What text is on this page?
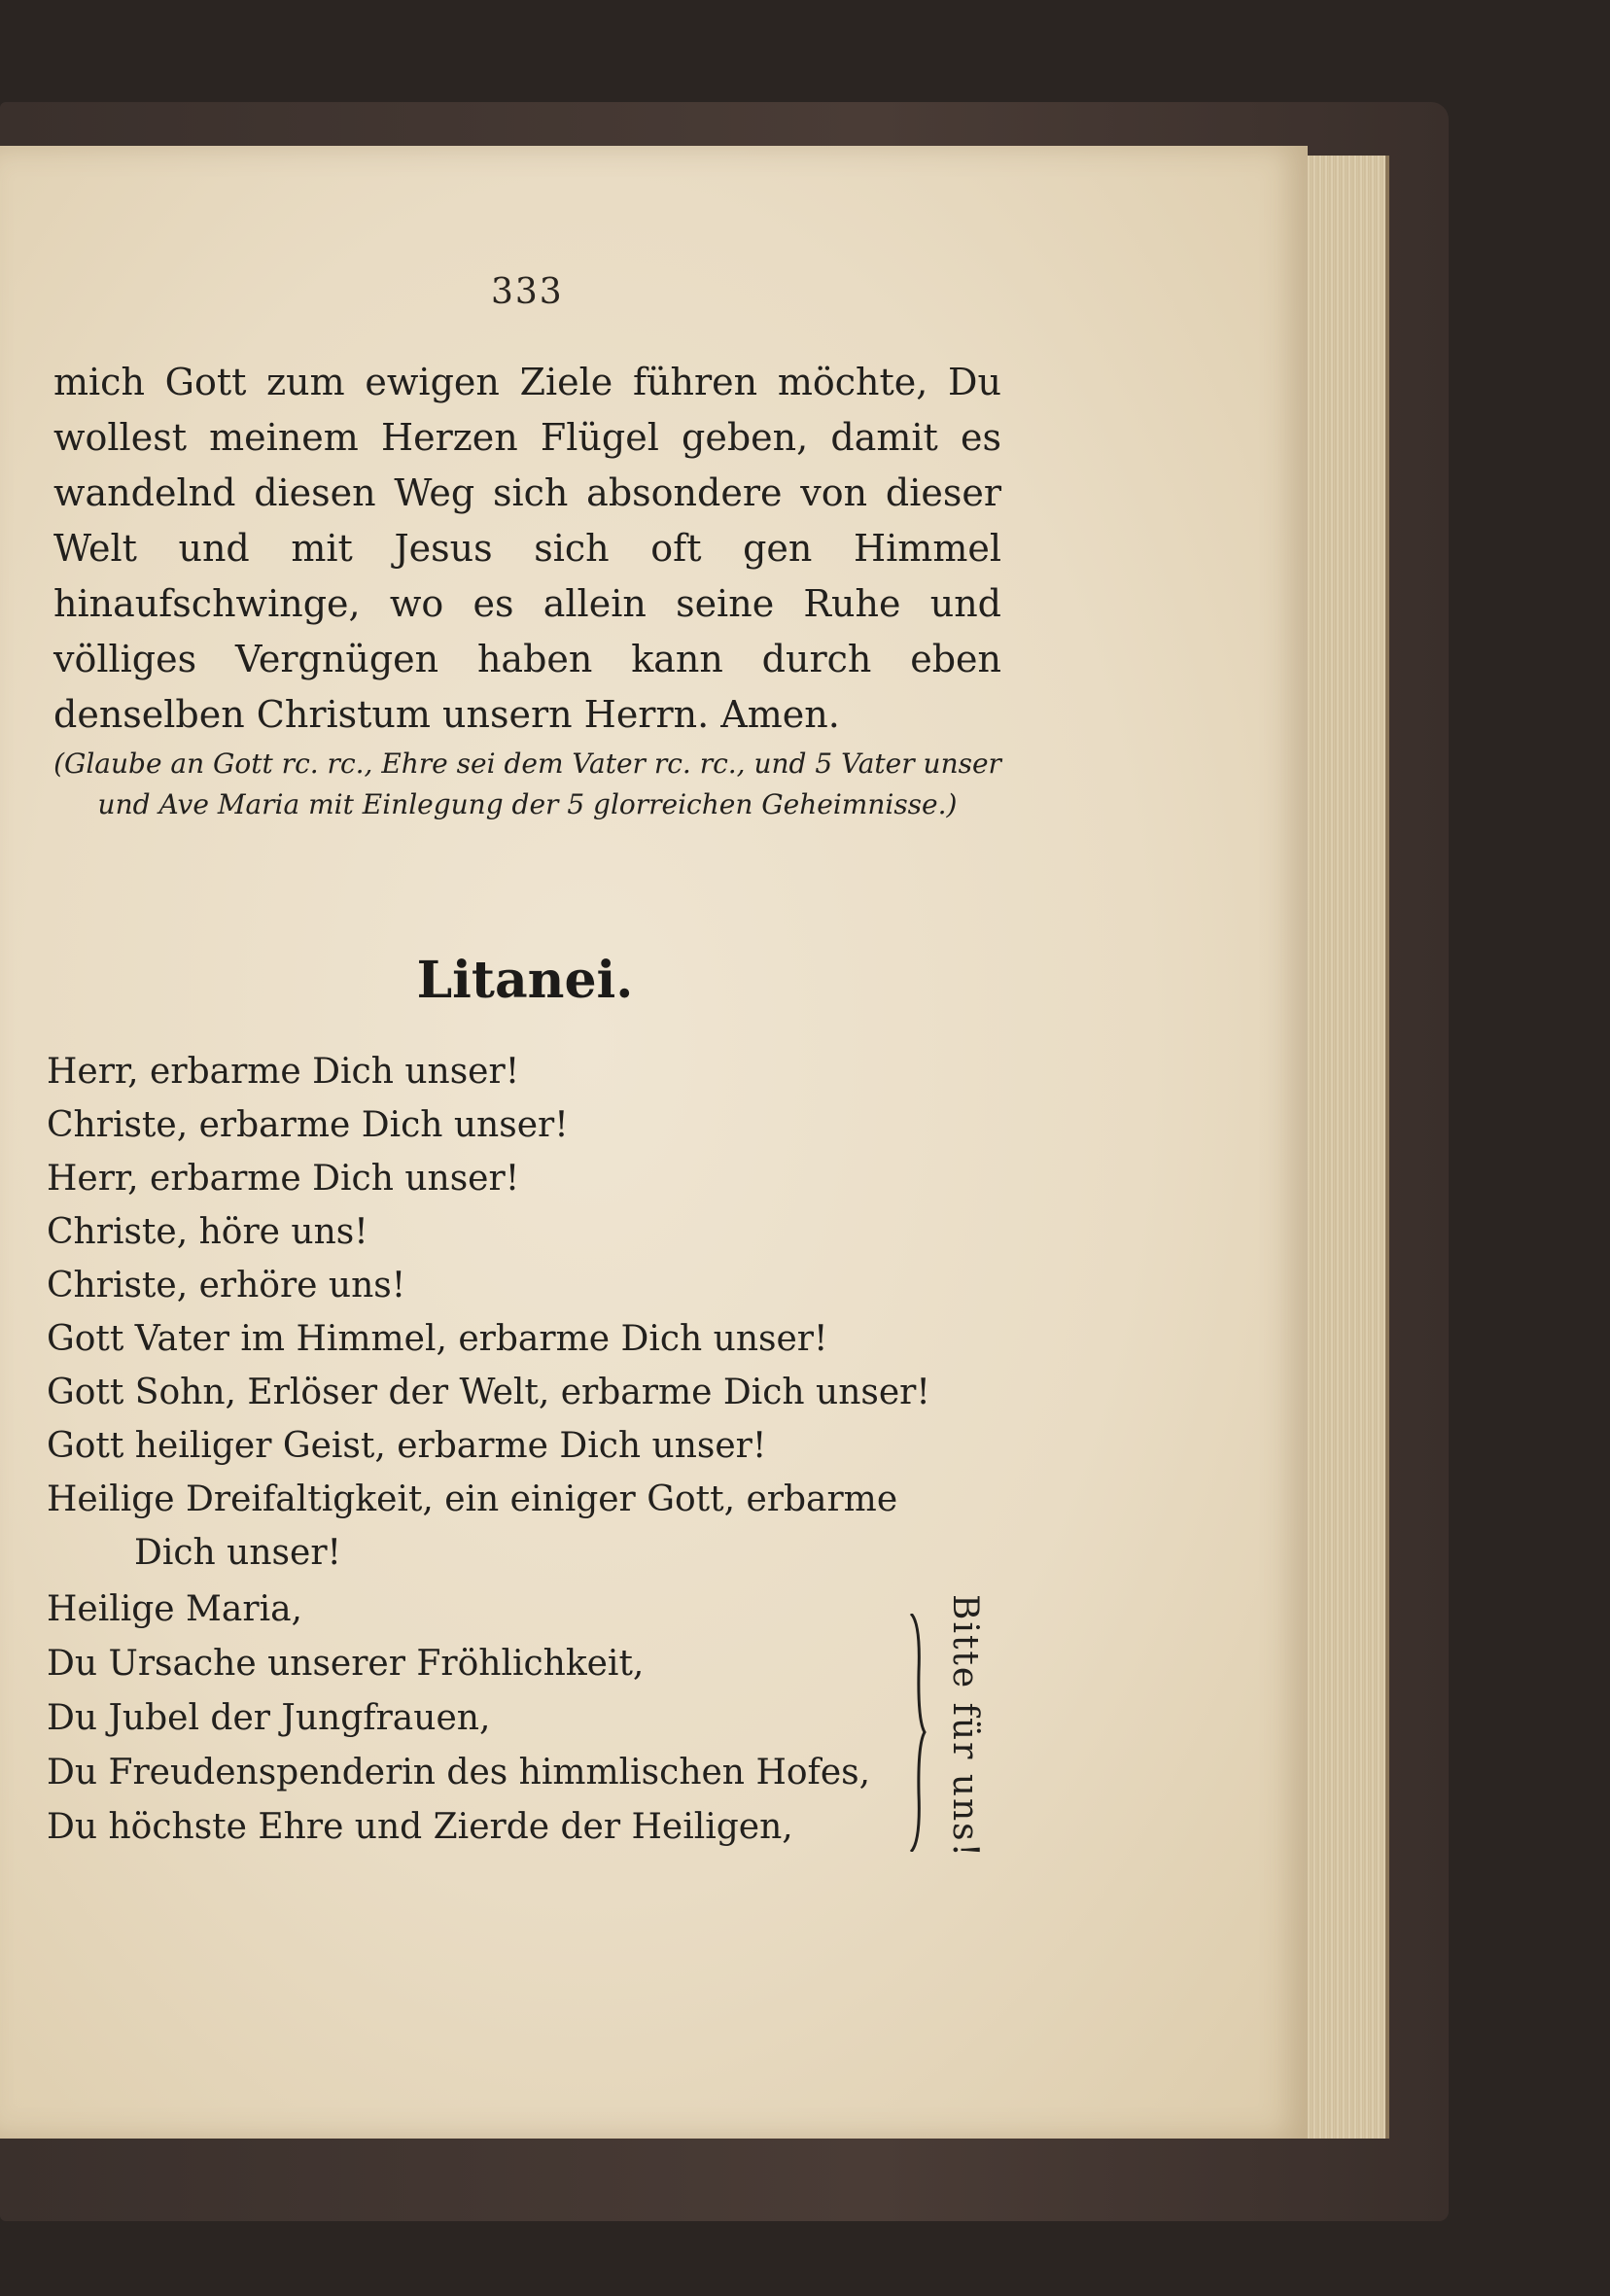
333

mich Gott zum ewigen Ziele führen möchte, Du wollest meinem Herzen Flügel geben, damit es wandelnd diesen Weg sich absondere von dieser Welt und mit Jesus sich oft gen Himmel hinaufschwinge, wo es allein seine Ruhe und völliges Vergnügen haben kann durch eben denselben Christum unsern Herrn. Amen.

(Glaube an Gott rc. rc., Ehre sei dem Vater rc. rc., und 5 Vater unser und Ave Maria mit Einlegung der 5 glorreichen Geheimnisse.)

Litanei.
Herr, erbarme Dich unser!
Christe, erbarme Dich unser!
Herr, erbarme Dich unser!
Christe, höre uns!
Christe, erhöre uns!
Gott Vater im Himmel, erbarme Dich unser!
Gott Sohn, Erlöser der Welt, erbarme Dich unser!
Gott heiliger Geist, erbarme Dich unser!
Heilige Dreifaltigkeit, ein einiger Gott, erbarme
Dich unser!
Heilige Maria,
Du Ursache unserer Fröhlichkeit,
Du Jubel der Jungfrauen,
Du Freudenspenderin des himmlischen Hofes,
Du höchste Ehre und Zierde der Heiligen,	Bitte für uns!
